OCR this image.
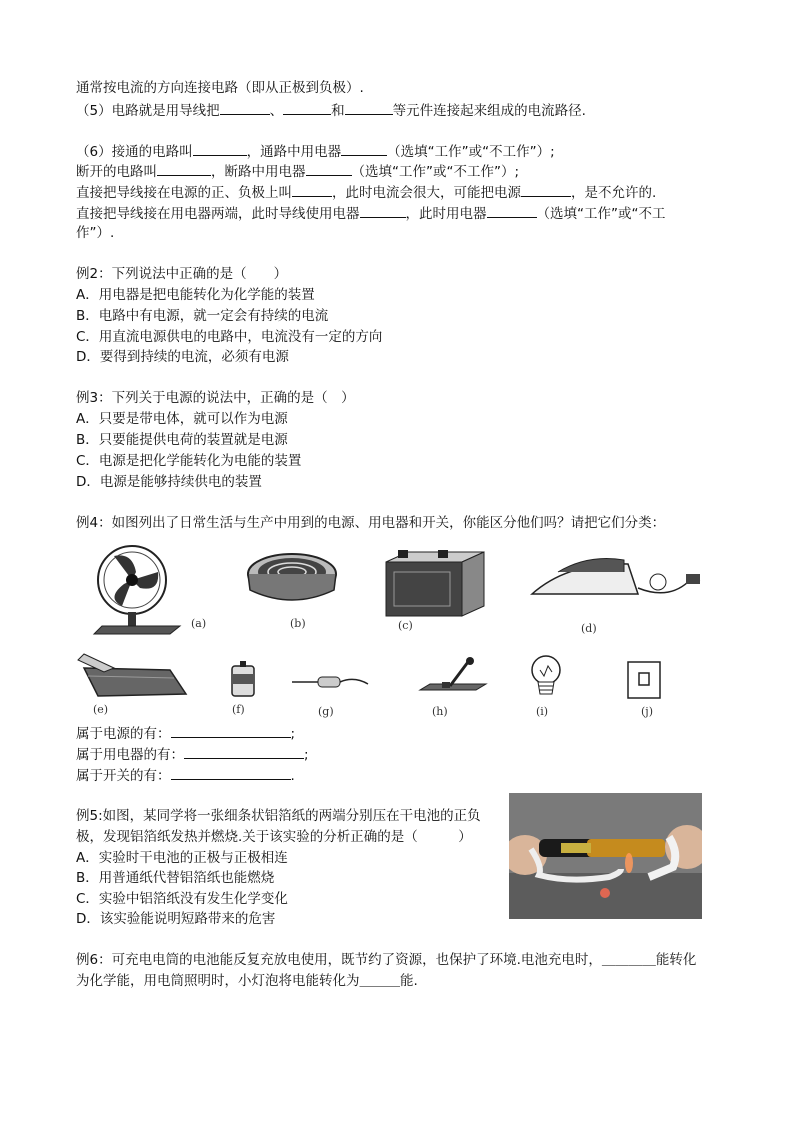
通常按电流的方向连接电路（即从正极到负极）.
（5）电路就是用导线把	、	和	等元件连接起来组成的电流路径.
（6）接通的电路叫	，通路中用电器	（选填“工作”或“不工作”）;
断开的电路叫	，断路中用电器	（选填“工作”或“不工作”）;
直接把导线接在电源的正、负极上叫	，此时电流会很大，可能把电源	，是不允许的.
直接把导线接在用电器两端，此时导线使用电器	，此时用电器	（选填“工作”或“不工
作”）.
例2：下列说法中正确的是（　　）
A．用电器是把电能转化为化学能的装置
B．电路中有电源，就一定会有持续的电流
C．用直流电源供电的电路中，电流没有一定的方向
D．要得到持续的电流，必须有电源
例3：下列关于电源的说法中，正确的是（　）
A．只要是带电体，就可以作为电源
B．只要能提供电荷的装置就是电源
C．电源是把化学能转化为电能的装置
D．电源是能够持续供电的装置
例4：如图列出了日常生活与生产中用到的电源、用电器和开关，你能区分他们吗？请把它们分类：
(a)	(b)	(c)	(d)
(e)	(f)	(g)	(h)	(i)	(j)
属于电源的有：	;
属于用电器的有：	;
属于开关的有：	.
例5:如图，某同学将一张细条状铝箔纸的两端分别压在干电池的正负
极，发现铝箔纸发热并燃烧.关于该实验的分析正确的是（　　　）
A．实验时干电池的正极与正极相连
B．用普通纸代替铝箔纸也能燃烧
C．实验中铝箔纸没有发生化学变化
D．该实验能说明短路带来的危害
例6：可充电电筒的电池能反复充放电使用，既节约了资源，也保护了环境.电池充电时，＿＿＿＿能转化
为化学能，用电筒照明时，小灯泡将电能转化为＿＿＿能.
